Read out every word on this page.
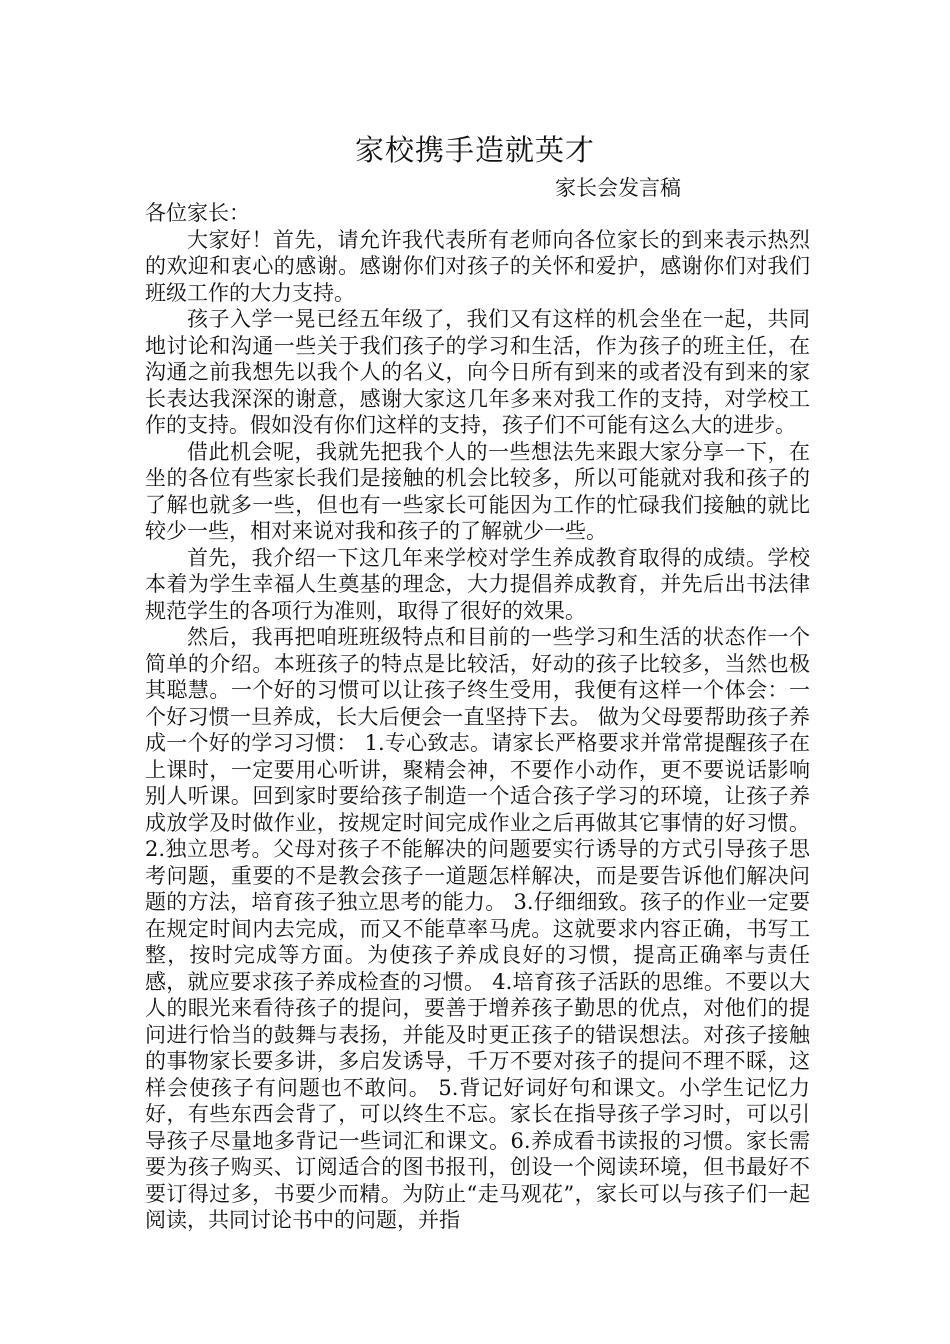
家校携手造就英才
家长会发言稿

各位家长：

大家好！首先，请允许我代表所有老师向各位家长的到来表示热烈的欢迎和衷心的感谢。感谢你们对孩子的关怀和爱护，感谢你们对我们班级工作的大力支持。

孩子入学一晃已经五年级了，我们又有这样的机会坐在一起，共同地讨论和沟通一些关于我们孩子的学习和生活，作为孩子的班主任，在沟通之前我想先以我个人的名义，向今日所有到来的或者没有到来的家长表达我深深的谢意，感谢大家这几年多来对我工作的支持，对学校工作的支持。假如没有你们这样的支持，孩子们不可能有这么大的进步。

借此机会呢，我就先把我个人的一些想法先来跟大家分享一下，在坐的各位有些家长我们是接触的机会比较多，所以可能就对我和孩子的了解也就多一些，但也有一些家长可能因为工作的忙碌我们接触的就比较少一些，相对来说对我和孩子的了解就少一些。

首先，我介绍一下这几年来学校对学生养成教育取得的成绩。学校本着为学生幸福人生奠基的理念，大力提倡养成教育，并先后出书法律规范学生的各项行为准则，取得了很好的效果。

然后，我再把咱班班级特点和目前的一些学习和生活的状态作一个简单的介绍。本班孩子的特点是比较活，好动的孩子比较多，当然也极其聪慧。一个好的习惯可以让孩子终生受用，我便有这样一个体会：一个好习惯一旦养成，长大后便会一直坚持下去。 做为父母要帮助孩子养成一个好的学习习惯： 1.专心致志。请家长严格要求并常常提醒孩子在上课时，一定要用心听讲，聚精会神，不要作小动作，更不要说话影响别人听课。回到家时要给孩子制造一个适合孩子学习的环境，让孩子养成放学及时做作业，按规定时间完成作业之后再做其它事情的好习惯。 2.独立思考。父母对孩子不能解决的问题要实行诱导的方式引导孩子思考问题，重要的不是教会孩子一道题怎样解决，而是要告诉他们解决问题的方法，培育孩子独立思考的能力。 3.仔细细致。孩子的作业一定要在规定时间内去完成，而又不能草率马虎。这就要求内容正确，书写工整，按时完成等方面。为使孩子养成良好的习惯，提高正确率与责任感，就应要求孩子养成检查的习惯。 4.培育孩子活跃的思维。不要以大人的眼光来看待孩子的提问，要善于增养孩子勤思的优点，对他们的提问进行恰当的鼓舞与表扬，并能及时更正孩子的错误想法。对孩子接触的事物家长要多讲，多启发诱导，千万不要对孩子的提问不理不睬，这样会使孩子有问题也不敢问。 5.背记好词好句和课文。小学生记忆力好，有些东西会背了，可以终生不忘。家长在指导孩子学习时，可以引导孩子尽量地多背记一些词汇和课文。6.养成看书读报的习惯。家长需要为孩子购买、订阅适合的图书报刊，创设一个阅读环境，但书最好不要订得过多，书要少而精。为防止“走马观花”，家长可以与孩子们一起阅读，共同讨论书中的问题，并指
